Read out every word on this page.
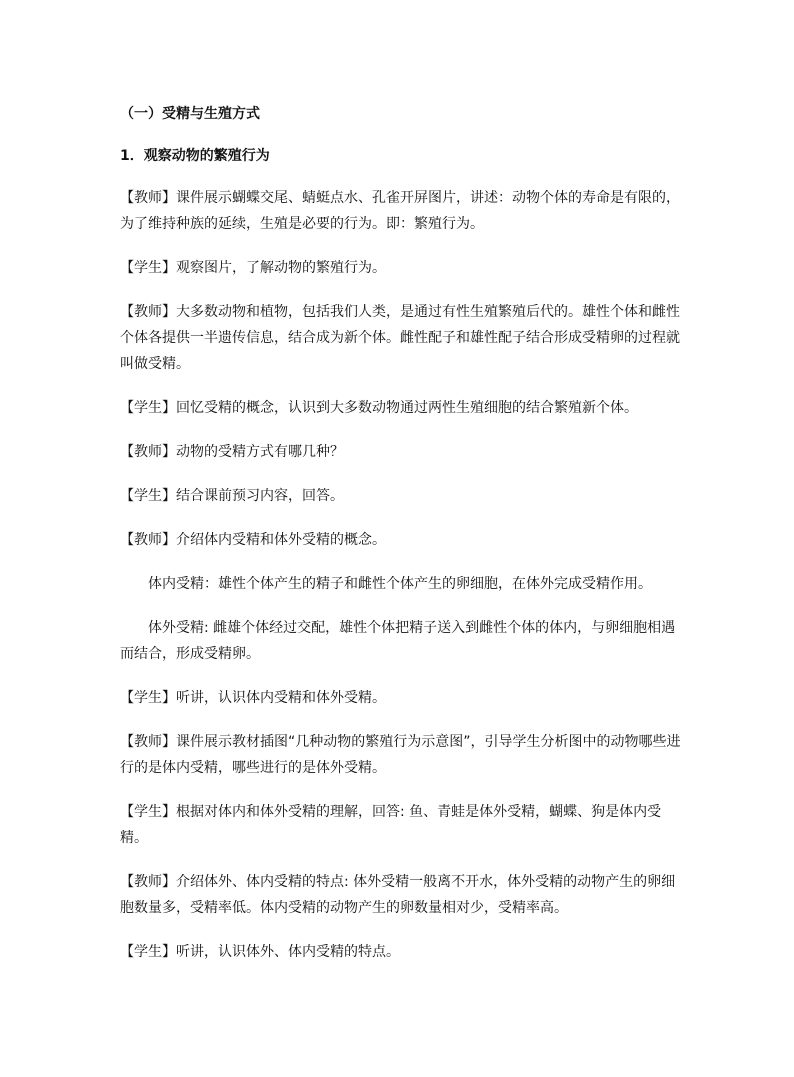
（一）受精与生殖方式

1．观察动物的繁殖行为

【教师】课件展示蝴蝶交尾、蜻蜓点水、孔雀开屏图片，讲述：动物个体的寿命是有限的，为了维持种族的延续，生殖是必要的行为。即：繁殖行为。

【学生】观察图片，了解动物的繁殖行为。

【教师】大多数动物和植物，包括我们人类，是通过有性生殖繁殖后代的。雄性个体和雌性个体各提供一半遗传信息，结合成为新个体。雌性配子和雄性配子结合形成受精卵的过程就叫做受精。

【学生】回忆受精的概念，认识到大多数动物通过两性生殖细胞的结合繁殖新个体。

【教师】动物的受精方式有哪几种？

【学生】结合课前预习内容，回答。

【教师】介绍体内受精和体外受精的概念。

体内受精：雄性个体产生的精子和雌性个体产生的卵细胞，在体外完成受精作用。

体外受精: 雌雄个体经过交配，雄性个体把精子送入到雌性个体的体内，与卵细胞相遇而结合，形成受精卵。

【学生】听讲，认识体内受精和体外受精。

【教师】课件展示教材插图“几种动物的繁殖行为示意图”，引导学生分析图中的动物哪些进行的是体内受精，哪些进行的是体外受精。

【学生】根据对体内和体外受精的理解，回答: 鱼、青蛙是体外受精，蝴蝶、狗是体内受精。

【教师】介绍体外、体内受精的特点: 体外受精一般离不开水，体外受精的动物产生的卵细胞数量多，受精率低。体内受精的动物产生的卵数量相对少，受精率高。

【学生】听讲，认识体外、体内受精的特点。
